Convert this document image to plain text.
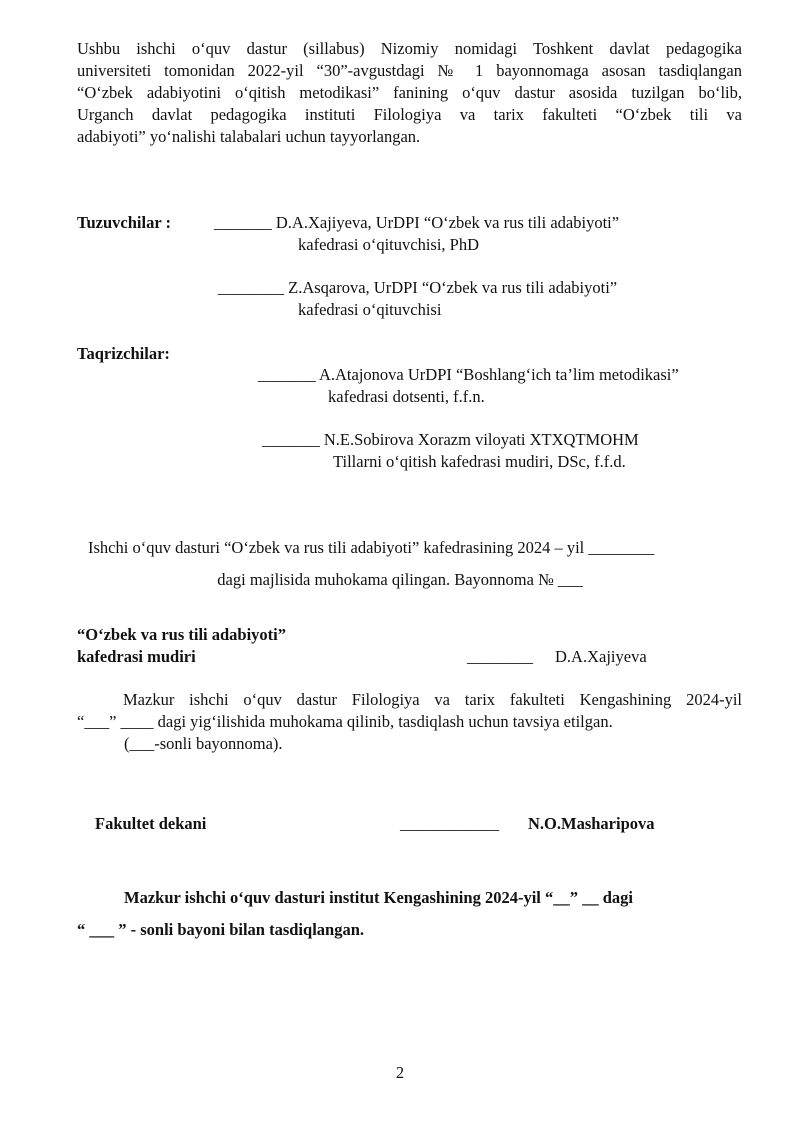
Ushbu ishchi o‘quv dastur (sillabus) Nizomiy nomidagi Toshkent davlat pedagogika
universiteti tomonidan 2022-yil “30”-avgustdagi № 1 bayonnomaga asosan tasdiqlangan
“O‘zbek adabiyotini o‘qitish metodikasi” fanining o‘quv dastur asosida tuzilgan bo‘lib,
Urganch davlat pedagogika instituti Filologiya va tarix fakulteti “O‘zbek tili va
adabiyoti” yo‘nalishi talabalari uchun tayyorlangan.
Tuzuvchilar :	_______ D.A.Xajiyeva, UrDPI “O‘zbek va rus tili adabiyoti”
kafedrasi o‘qituvchisi, PhD
________ Z.Asqarova, UrDPI “O‘zbek va rus tili adabiyoti”
kafedrasi o‘qituvchisi
Taqrizchilar:
_______ A.Atajonova UrDPI “Boshlang‘ich ta’lim metodikasi”
kafedrasi dotsenti, f.f.n.
_______ N.E.Sobirova Xorazm viloyati XTXQTMOHM
Tillarni o‘qitish kafedrasi mudiri, DSc, f.f.d.
Ishchi o‘quv dasturi “O‘zbek va rus tili adabiyoti” kafedrasining 2024 – yil ________
dagi majlisida muhokama qilingan. Bayonnoma № ___
“O‘zbek va rus tili adabiyoti”
kafedrasi mudiri	________ D.A.Xajiyeva
Mazkur ishchi o‘quv dastur Filologiya va tarix fakulteti Kengashining 2024-yil
“___” ____ dagi yig‘ilishida muhokama qilinib, tasdiqlash uchun tavsiya etilgan.
(___-sonli bayonnoma).
Fakultet dekani	____________ N.O.Masharipova
Mazkur ishchi o‘quv dasturi institut Kengashining 2024-yil “__” __ dagi
“ ___ ” - sonli bayoni bilan tasdiqlangan.
2
